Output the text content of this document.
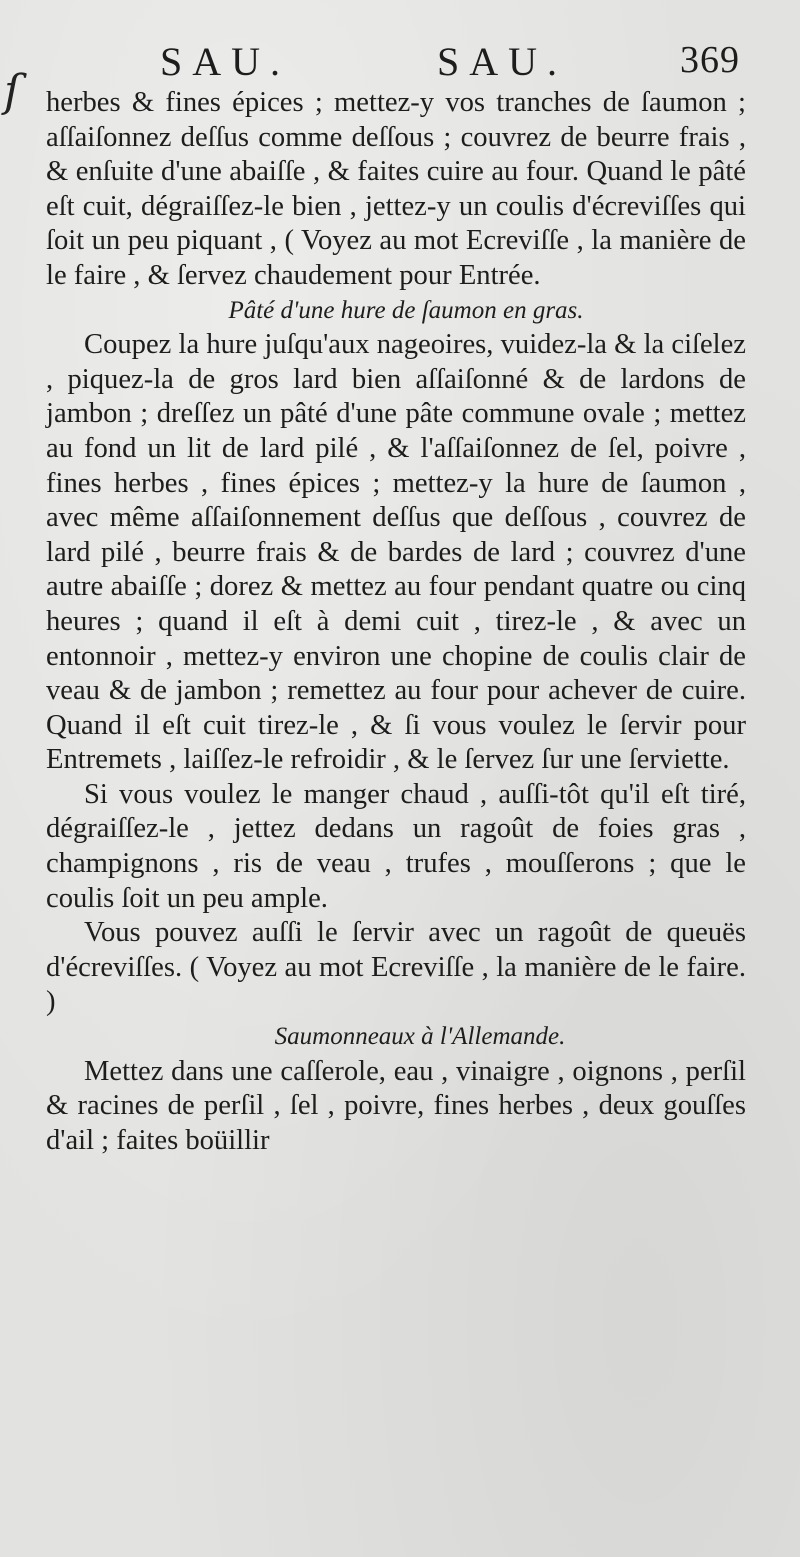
SAU.	SAU.	369
ſ herbes & fines épices ; mettez-y vos tranches de ſaumon ; aſſaiſonnez deſſus comme deſſous ; couvrez de beurre frais , & enſuite d'une abaiſſe , & faites cuire au four. Quand le pâté eſt cuit, dégraiſſez-le bien , jettez-y un coulis d'écreviſſes qui ſoit un peu piquant , ( Voyez au mot Ecreviſſe , la manière de le faire , & ſervez chaudement pour Entrée.

Pâté d'une hure de ſaumon en gras.

Coupez la hure juſqu'aux nageoires, vuidez-la & la ciſelez , piquez-la de gros lard bien aſſaiſonné & de lardons de jambon ; dreſſez un pâté d'une pâte commune ovale ; mettez au fond un lit de lard pilé , & l'aſſaiſonnez de ſel, poivre , fines herbes , fines épices ; mettez-y la hure de ſaumon , avec même aſſaiſonnement deſſus que deſſous , couvrez de lard pilé , beurre frais & de bardes de lard ; couvrez d'une autre abaiſſe ; dorez & mettez au four pendant quatre ou cinq heures ; quand il eſt à demi cuit , tirez-le , & avec un entonnoir , mettez-y environ une chopine de coulis clair de veau & de jambon ; remettez au four pour achever de cuire. Quand il eſt cuit tirez-le , & ſi vous voulez le ſervir pour Entremets , laiſſez-le refroidir , & le ſervez ſur une ſerviette.

Si vous voulez le manger chaud , auſſi-tôt qu'il eſt tiré, dégraiſſez-le , jettez dedans un ragoût de foies gras , champignons , ris de veau , trufes , mouſſerons ; que le coulis ſoit un peu ample.

Vous pouvez auſſi le ſervir avec un ragoût de queuës d'écreviſſes. ( Voyez au mot Ecreviſſe , la manière de le faire. )

Saumonneaux à l'Allemande.

Mettez dans une caſſerole, eau , vinaigre , oignons , perſil & racines de perſil , ſel , poivre, fines herbes , deux gouſſes d'ail ; faites boüillir
